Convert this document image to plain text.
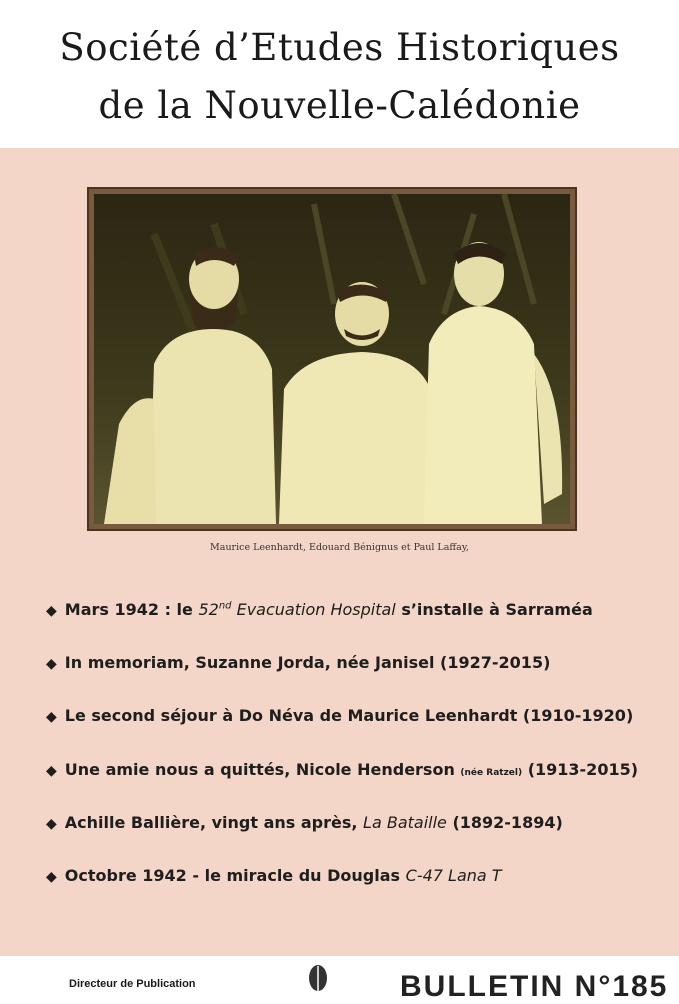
Société d’Etudes Historiques
de la Nouvelle-Calédonie
Maurice Leenhardt, Edouard Bénignus et Paul Laffay,
◆ Mars 1942 : le 52nd Evacuation Hospital s’installe à Sarraméa
◆ In memoriam, Suzanne Jorda, née Janisel (1927-2015)
◆ Le second séjour à Do Néva de Maurice Leenhardt (1910-1920)
◆ Une amie nous a quittés, Nicole Henderson (née Ratzel) (1913-2015)
◆ Achille Ballière, vingt ans après, La Bataille (1892-1894)
◆ Octobre 1942 - le miracle du Douglas C-47 Lana T
Directeur de Publication	BULLETIN N°185
